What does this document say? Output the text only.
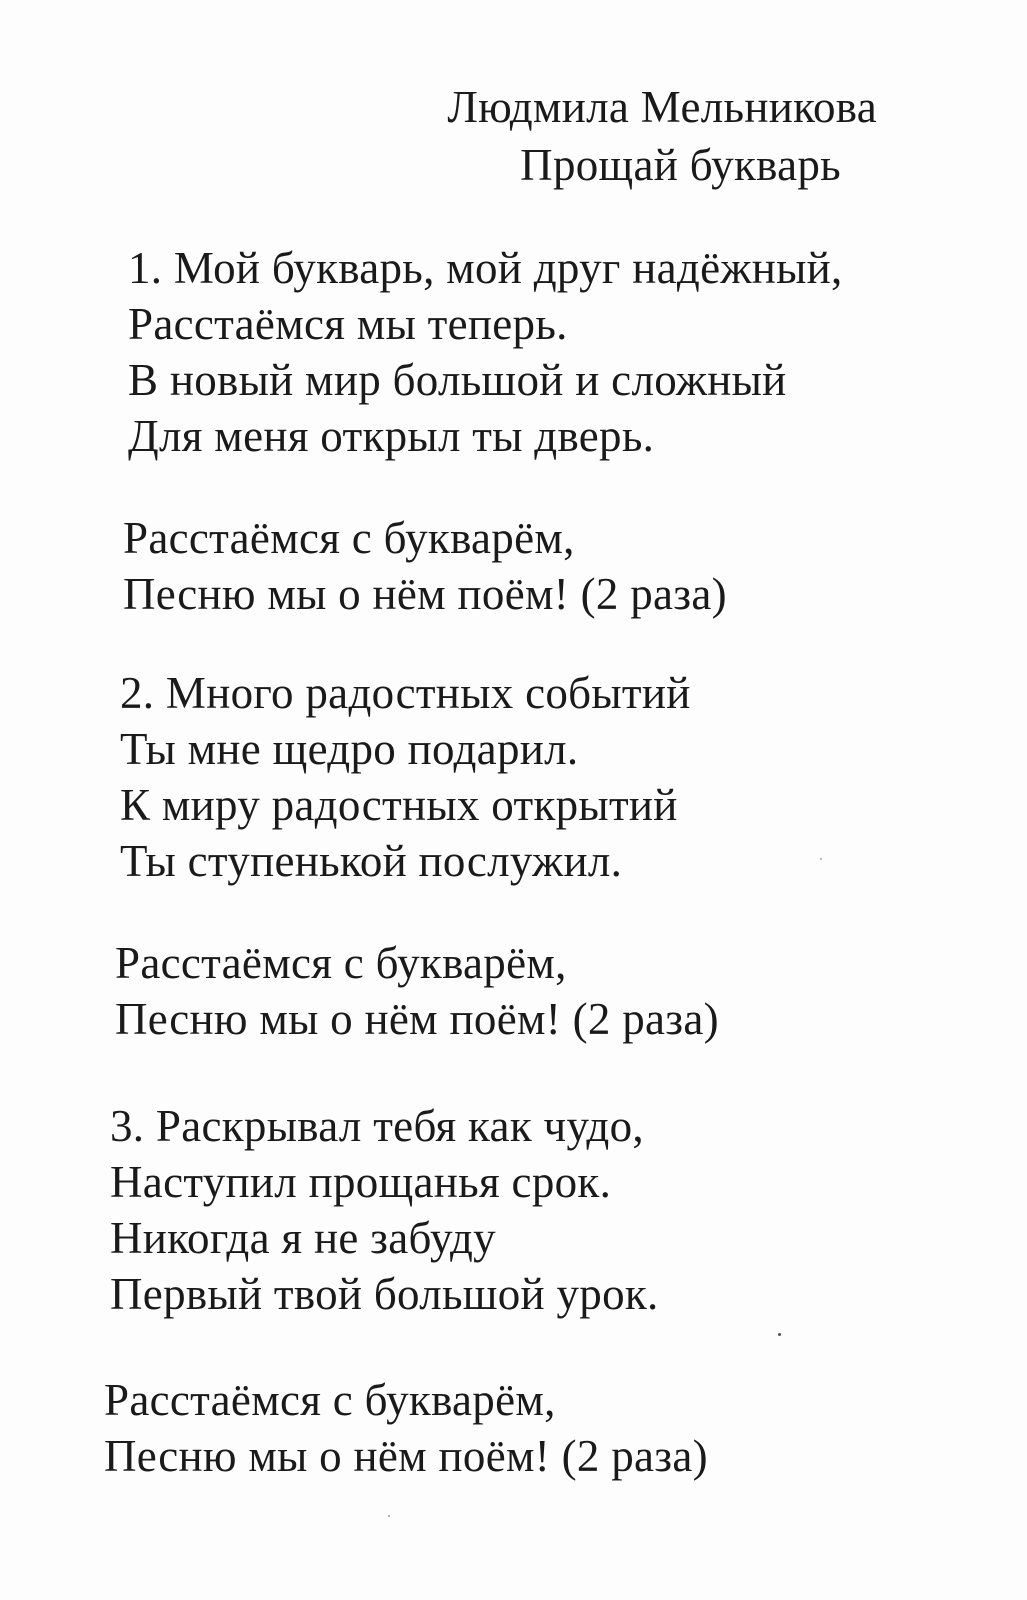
Людмила Мельникова
Прощай букварь
1. Мой букварь, мой друг надёжный,
Расстаёмся мы теперь.
В новый мир большой и сложный
Для меня открыл ты дверь.
Расстаёмся с букварём,
Песню мы о нём поём! (2 раза)
2. Много радостных событий
Ты мне щедро подарил.
К миру радостных открытий
Ты ступенькой послужил.
Расстаёмся с букварём,
Песню мы о нём поём! (2 раза)
3. Раскрывал тебя как чудо,
Наступил прощанья срок.
Никогда я не забуду
Первый твой большой урок.
Расстаёмся с букварём,
Песню мы о нём поём! (2 раза)
